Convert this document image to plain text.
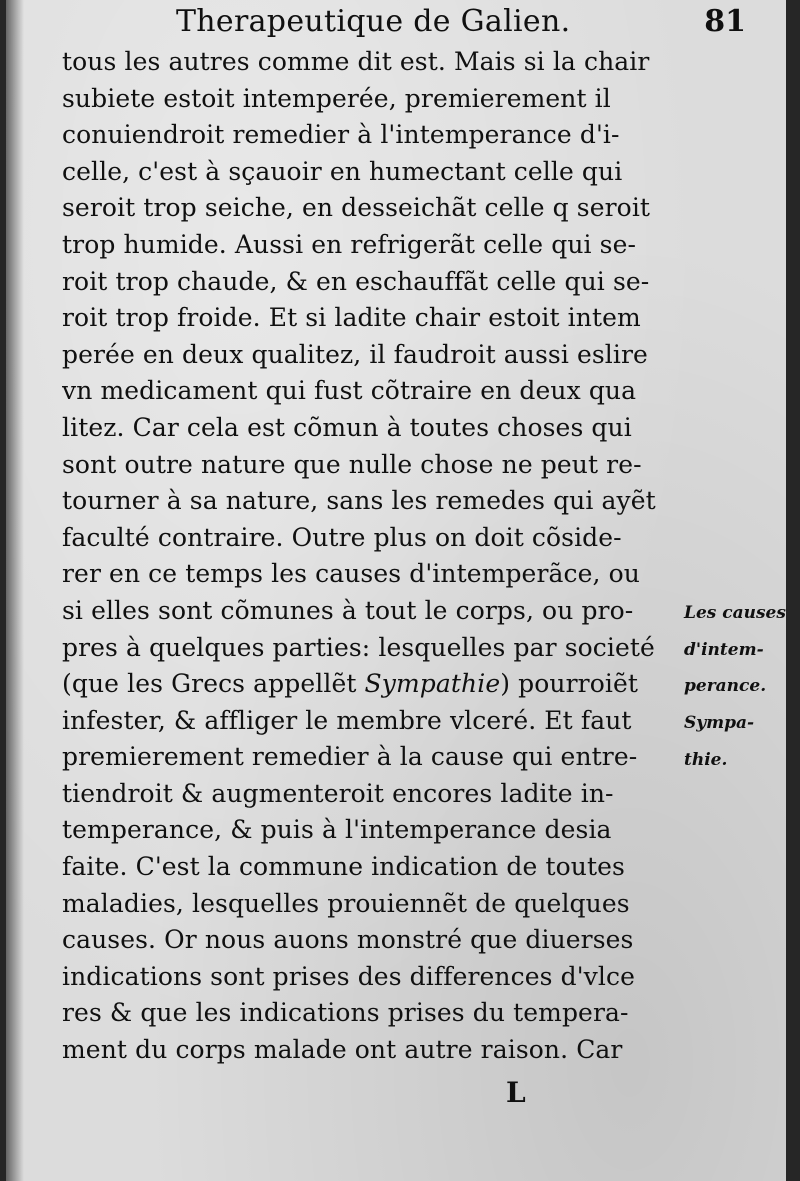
Therapeutique de Galien.	81
tous les autres comme dit est. Mais si la chair
subiete estoit intemperée, premierement il
conuiendroit remedier à l'intemperance d'i-
celle, c'est à sçauoir en humectant celle qui
seroit trop seiche, en desseichãt celle q seroit
trop humide. Aussi en refrigerãt celle qui se-
roit trop chaude, & en eschauffãt celle qui se-
roit trop froide. Et si ladite chair estoit intem
perée en deux qualitez, il faudroit aussi eslire
vn medicament qui fust cõtraire en deux qua
litez. Car cela est cõmun à toutes choses qui
sont outre nature que nulle chose ne peut re-
tourner à sa nature, sans les remedes qui ayẽt
faculté contraire. Outre plus on doit cõside-
rer en ce temps les causes d'intemperãce, ou
si elles sont cõmunes à tout le corps, ou pro-
pres à quelques parties: lesquelles par societé
(que les Grecs appellẽt Sympathie) pourroiẽt
infester, & affliger le membre vlceré. Et faut
premierement remedier à la cause qui entre-
tiendroit & augmenteroit encores ladite in-
temperance, & puis à l'intemperance desia
faite. C'est la commune indication de toutes
maladies, lesquelles prouiennẽt de quelques
causes. Or nous auons monstré que diuerses
indications sont prises des differences d'vlce
res & que les indications prises du tempera-
ment du corps malade ont autre raison. Car
Les causes
d'intem-
perance.
Sympa-
thie.
L
